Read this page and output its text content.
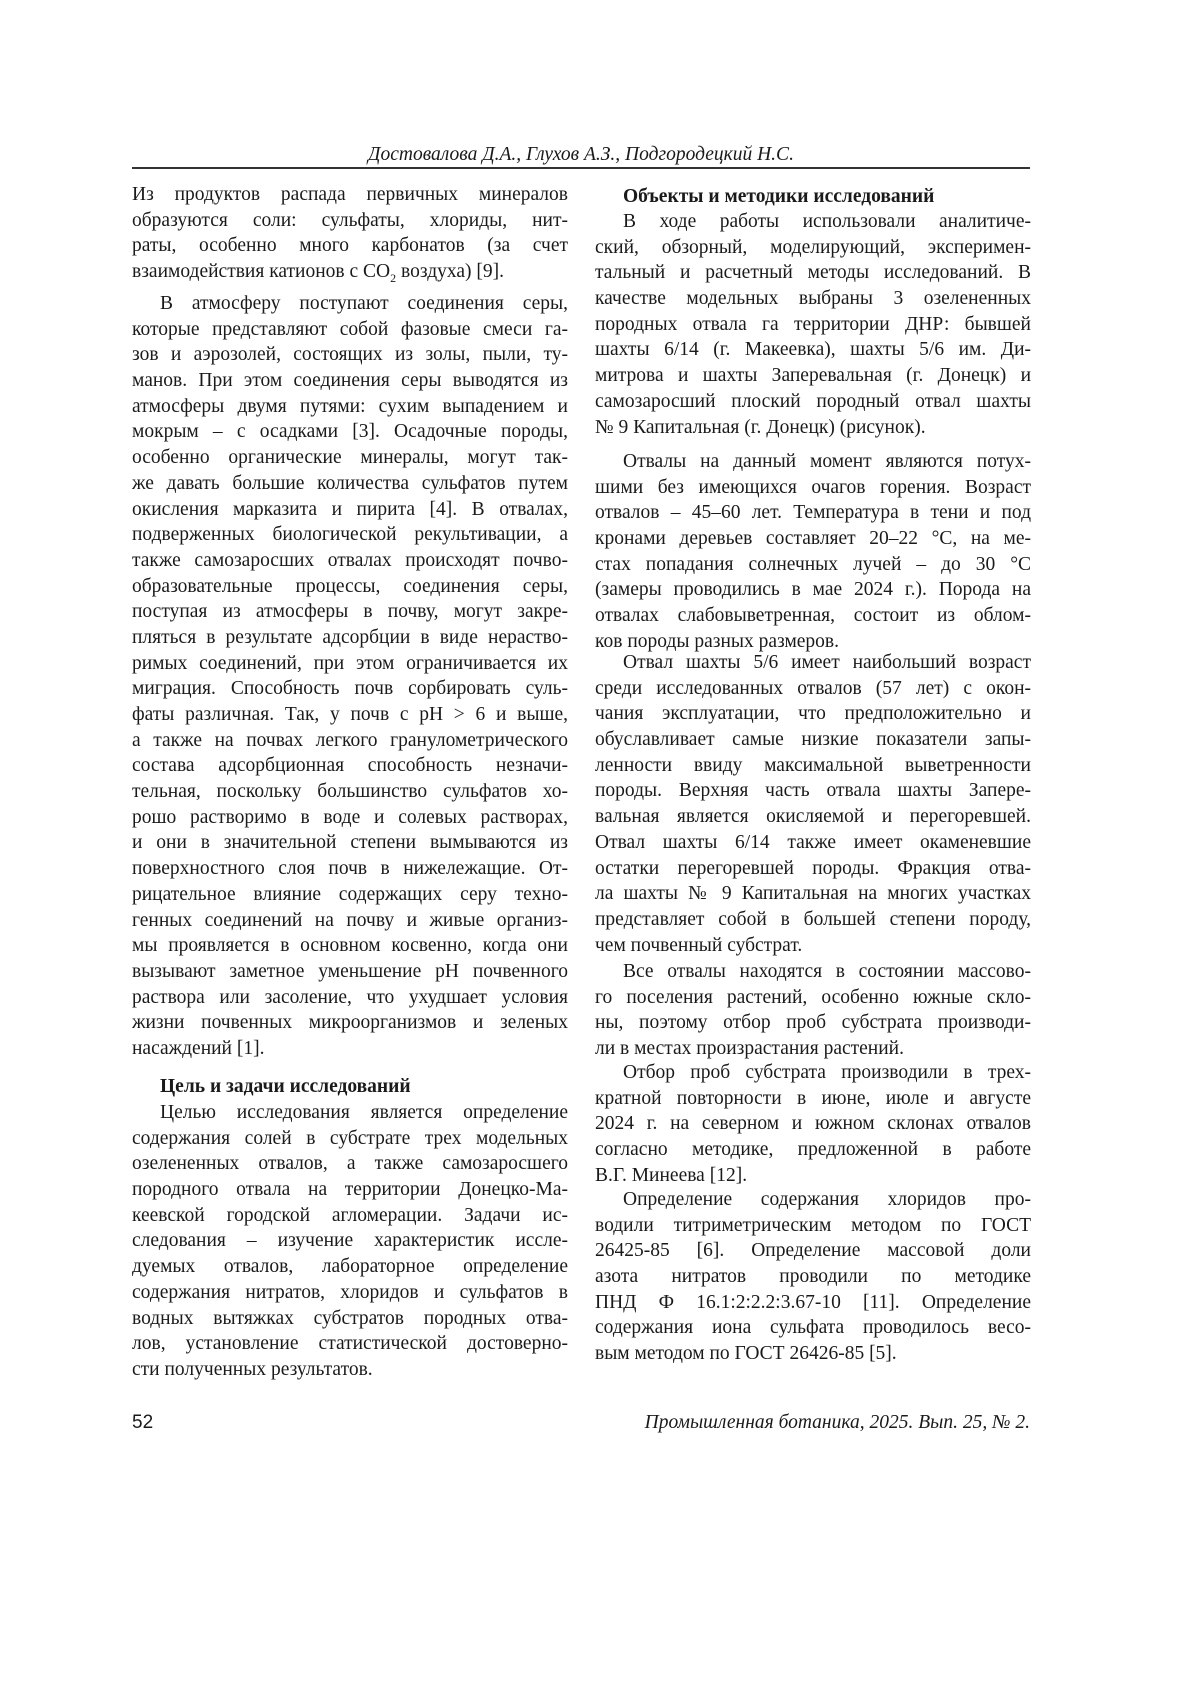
Достовалова Д.А., Глухов А.З., Подгородецкий Н.С.
Из продуктов распада первичных минералов
образуются соли: сульфаты, хлориды, нит-
раты, особенно много карбонатов (за счет
взаимодействия катионов с CO2 воздуха) [9].
В атмосферу поступают соединения серы,
которые представляют собой фазовые смеси га-
зов и аэрозолей, состоящих из золы, пыли, ту-
манов. При этом соединения серы выводятся из
атмосферы двумя путями: сухим выпадением и
мокрым – с осадками [3]. Осадочные породы,
особенно органические минералы, могут так-
же давать большие количества сульфатов путем
окисления марказита и пирита [4]. В отвалах,
подверженных биологической рекультивации, а
также самозаросших отвалах происходят почво-
образовательные процессы, соединения серы,
поступая из атмосферы в почву, могут закре-
пляться в результате адсорбции в виде нераство-
римых соединений, при этом ограничивается их
миграция. Способность почв сорбировать суль-
фаты различная. Так, у почв с pH > 6 и выше,
а также на почвах легкого гранулометрического
состава адсорбционная способность незначи-
тельная, поскольку большинство сульфатов хо-
рошо растворимо в воде и солевых растворах,
и они в значительной степени вымываются из
поверхностного слоя почв в нижележащие. От-
рицательное влияние содержащих серу техно-
генных соединений на почву и живые организ-
мы проявляется в основном косвенно, когда они
вызывают заметное уменьшение pH почвенного
раствора или засоление, что ухудшает условия
жизни почвенных микроорганизмов и зеленых
насаждений [1].
Цель и задачи исследований
Целью исследования является определение
содержания солей в субстрате трех модельных
озелененных отвалов, а также самозаросшего
породного отвала на территории Донецко-Ма-
кеевской городской агломерации. Задачи ис-
следования – изучение характеристик иссле-
дуемых отвалов, лабораторное определение
содержания нитратов, хлоридов и сульфатов в
водных вытяжках субстратов породных отва-
лов, установление статистической достоверно-
сти полученных результатов.
Объекты и методики исследований
В ходе работы использовали аналитиче-
ский, обзорный, моделирующий, эксперимен-
тальный и расчетный методы исследований. В
качестве модельных выбраны 3 озелененных
породных отвала га территории ДНР: бывшей
шахты 6/14 (г. Макеевка), шахты 5/6 им. Ди-
митрова и шахты Заперевальная (г. Донецк) и
самозаросший плоский породный отвал шахты
№ 9 Капитальная (г. Донецк) (рисунок).
Отвалы на данный момент являются потух-
шими без имеющихся очагов горения. Возраст
отвалов – 45–60 лет. Температура в тени и под
кронами деревьев составляет 20–22 °С, на ме-
стах попадания солнечных лучей – до 30 °С
(замеры проводились в мае 2024 г.). Порода на
отвалах слабовыветренная, состоит из облом-
ков породы разных размеров.
Отвал шахты 5/6 имеет наибольший возраст
среди исследованных отвалов (57 лет) с окон-
чания эксплуатации, что предположительно и
обуславливает самые низкие показатели запы-
ленности ввиду максимальной выветренности
породы. Верхняя часть отвала шахты Запере-
вальная является окисляемой и перегоревшей.
Отвал шахты 6/14 также имеет окаменевшие
остатки перегоревшей породы. Фракция отва-
ла шахты № 9 Капитальная на многих участках
представляет собой в большей степени породу,
чем почвенный субстрат.
Все отвалы находятся в состоянии массово-
го поселения растений, особенно южные скло-
ны, поэтому отбор проб субстрата производи-
ли в местах произрастания растений.
Отбор проб субстрата производили в трех-
кратной повторности в июне, июле и августе
2024 г. на северном и южном склонах отвалов
согласно методике, предложенной в работе
В.Г. Минеева [12].
Определение содержания хлоридов про-
водили титриметрическим методом по ГОСТ
26425-85 [6]. Определение массовой доли
азота нитратов проводили по методике
ПНД Ф 16.1:2:2.2:3.67-10 [11]. Определение
содержания иона сульфата проводилось весо-
вым методом по ГОСТ 26426-85 [5].
52	Промышленная ботаника, 2025. Вып. 25, № 2.
